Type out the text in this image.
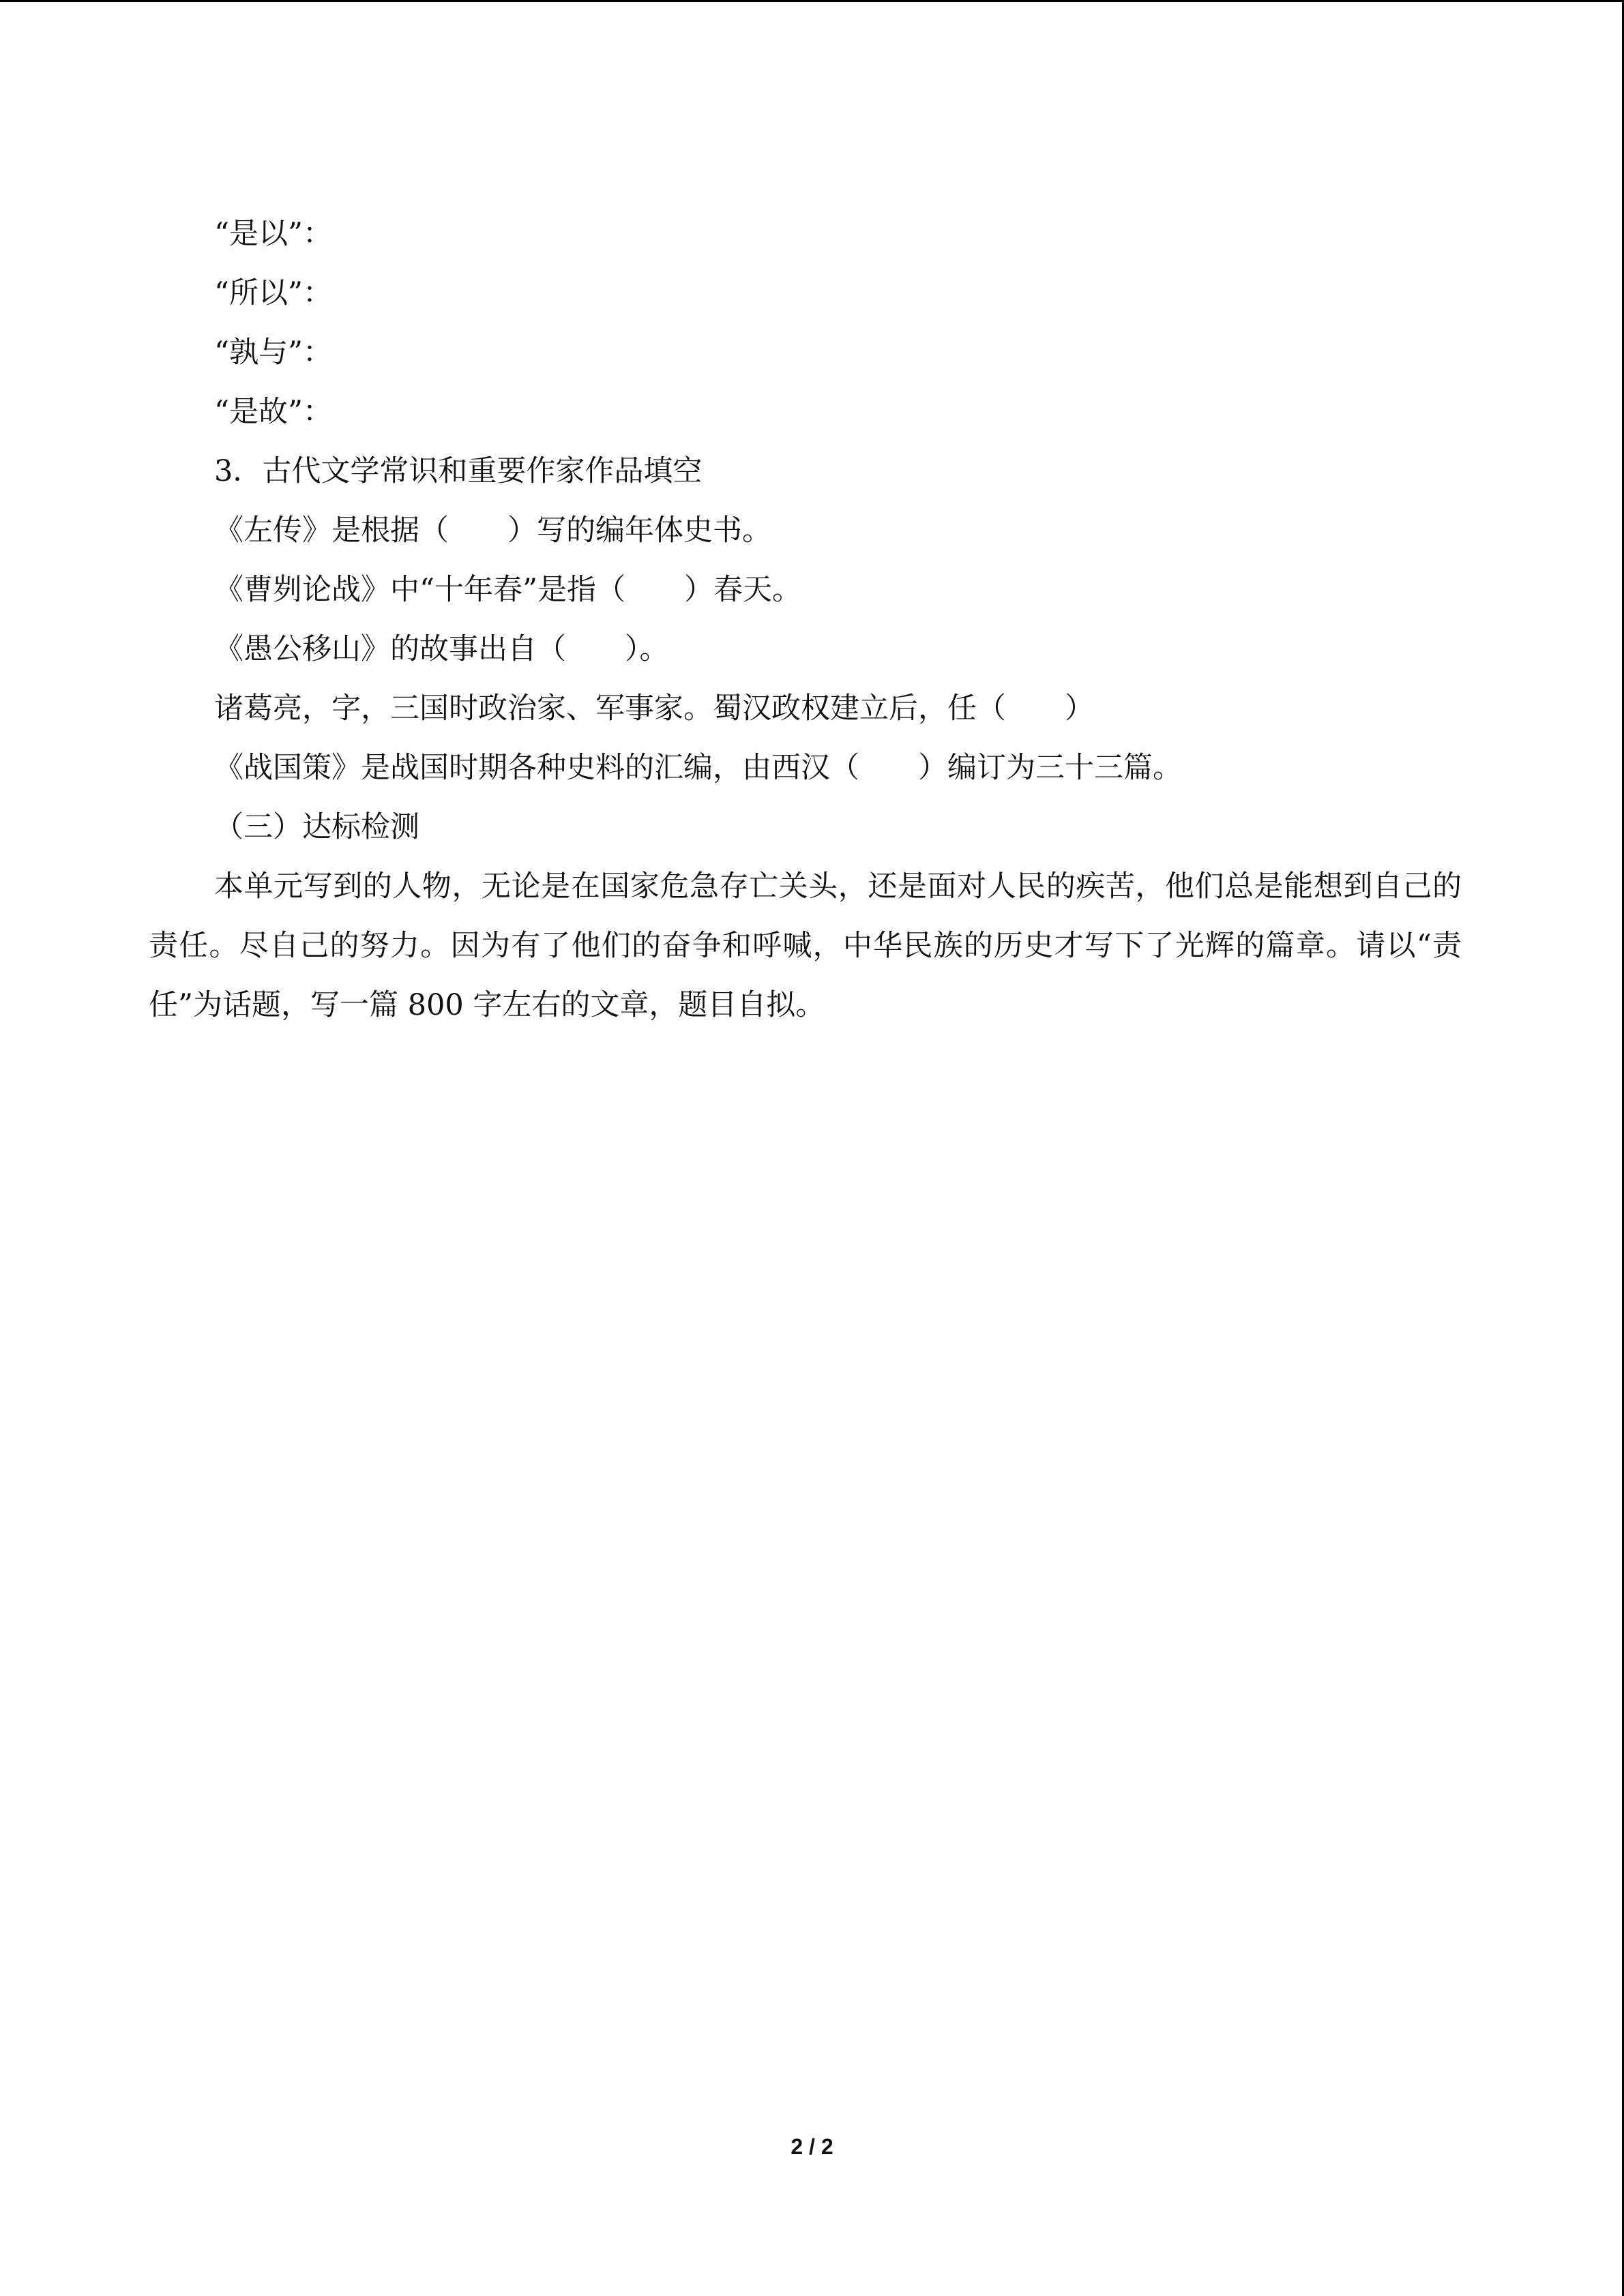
“是以”：
“所以”：
“孰与”：
“是故”：
3．古代文学常识和重要作家作品填空
《左传》是根据（　　）写的编年体史书。
《曹刿论战》中“十年春”是指（　　）春天。
《愚公移山》的故事出自（　　）。
诸葛亮，字，三国时政治家、军事家。蜀汉政权建立后，任（　　）
《战国策》是战国时期各种史料的汇编，由西汉（　　）编订为三十三篇。
（三）达标检测
本单元写到的人物，无论是在国家危急存亡关头，还是面对人民的疾苦，他们总是能想到自己的责任。尽自己的努力。因为有了他们的奋争和呼喊，中华民族的历史才写下了光辉的篇章。请以“责任”为话题，写一篇 800 字左右的文章，题目自拟。
2 / 2
